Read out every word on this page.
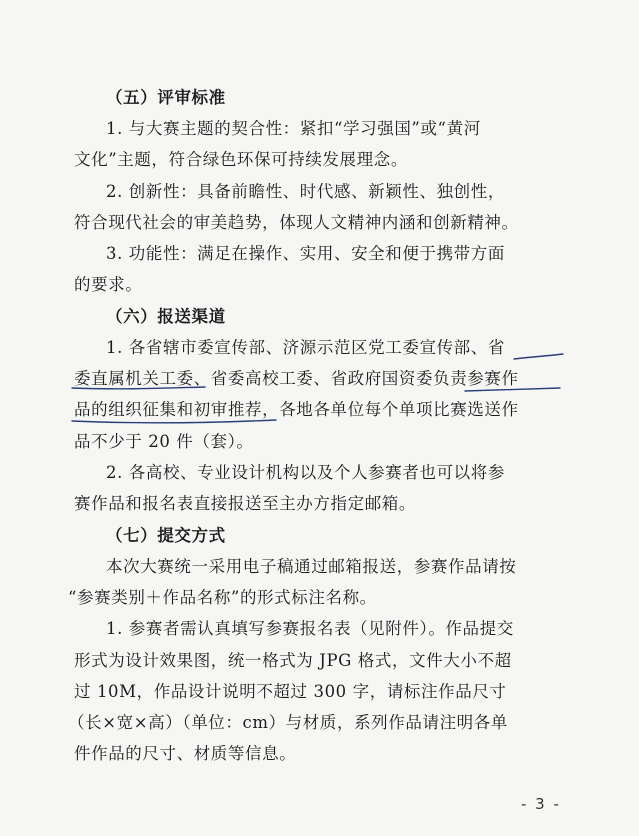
（五）评审标准
1. 与大赛主题的契合性：紧扣“学习强国”或“黄河
文化”主题，符合绿色环保可持续发展理念。
2. 创新性：具备前瞻性、时代感、新颖性、独创性，
符合现代社会的审美趋势，体现人文精神内涵和创新精神。
3. 功能性：满足在操作、实用、安全和便于携带方面
的要求。
（六）报送渠道
1. 各省辖市委宣传部、济源示范区党工委宣传部、省
委直属机关工委、省委高校工委、省政府国资委负责参赛作
品的组织征集和初审推荐，各地各单位每个单项比赛选送作
品不少于 20 件（套）。
2. 各高校、专业设计机构以及个人参赛者也可以将参
赛作品和报名表直接报送至主办方指定邮箱。
（七）提交方式
本次大赛统一采用电子稿通过邮箱报送，参赛作品请按
“参赛类别＋作品名称”的形式标注名称。
1. 参赛者需认真填写参赛报名表（见附件）。作品提交
形式为设计效果图，统一格式为 JPG 格式，文件大小不超
过 10M，作品设计说明不超过 300 字，请标注作品尺寸
（长×宽×高）（单位：cm）与材质，系列作品请注明各单
件作品的尺寸、材质等信息。
- 3 -
